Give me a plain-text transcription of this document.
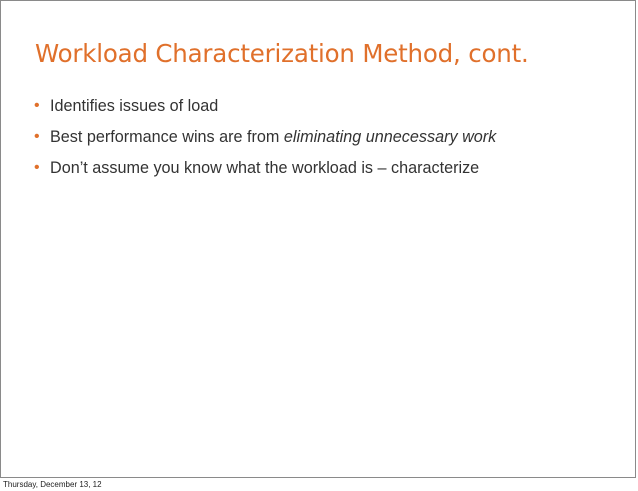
Workload Characterization Method, cont.
• Identifies issues of load
• Best performance wins are from eliminating unnecessary work
• Don’t assume you know what the workload is – characterize
Thursday, December 13, 12
